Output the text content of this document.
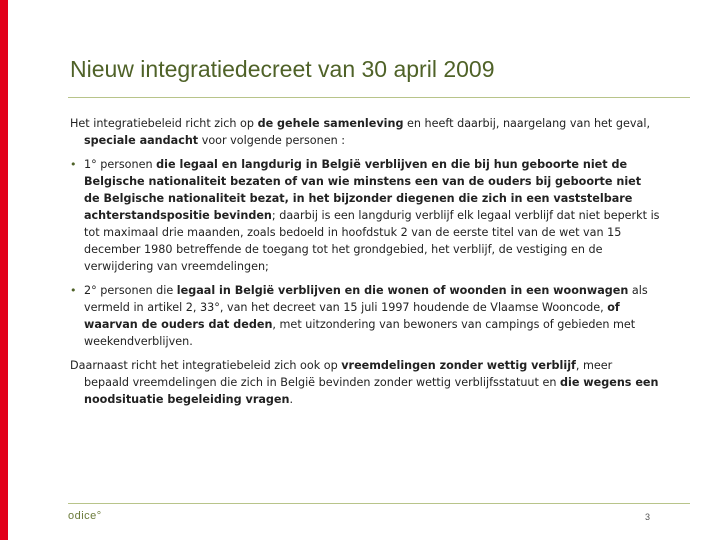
Nieuw integratiedecreet van 30 april 2009

Het integratiebeleid richt zich op de gehele samenleving en heeft daarbij, naargelang van het geval, speciale aandacht voor volgende personen :

• 1° personen die legaal en langdurig in België verblijven en die bij hun geboorte niet de Belgische nationaliteit bezaten of van wie minstens een van de ouders bij geboorte niet de Belgische nationaliteit bezat, in het bijzonder diegenen die zich in een vaststelbare achterstandspositie bevinden; daarbij is een langdurig verblijf elk legaal verblijf dat niet beperkt is tot maximaal drie maanden, zoals bedoeld in hoofdstuk 2 van de eerste titel van de wet van 15 december 1980 betreffende de toegang tot het grondgebied, het verblijf, de vestiging en de verwijdering van vreemdelingen;
• 2° personen die legaal in België verblijven en die wonen of woonden in een woonwagen als vermeld in artikel 2, 33°, van het decreet van 15 juli 1997 houdende de Vlaamse Wooncode, of waarvan de ouders dat deden, met uitzondering van bewoners van campings of gebieden met weekendverblijven.

Daarnaast richt het integratiebeleid zich ook op vreemdelingen zonder wettig verblijf, meer bepaald vreemdelingen die zich in België bevinden zonder wettig verblijfsstatuut en die wegens een noodsituatie begeleiding vragen.

odice°	3
